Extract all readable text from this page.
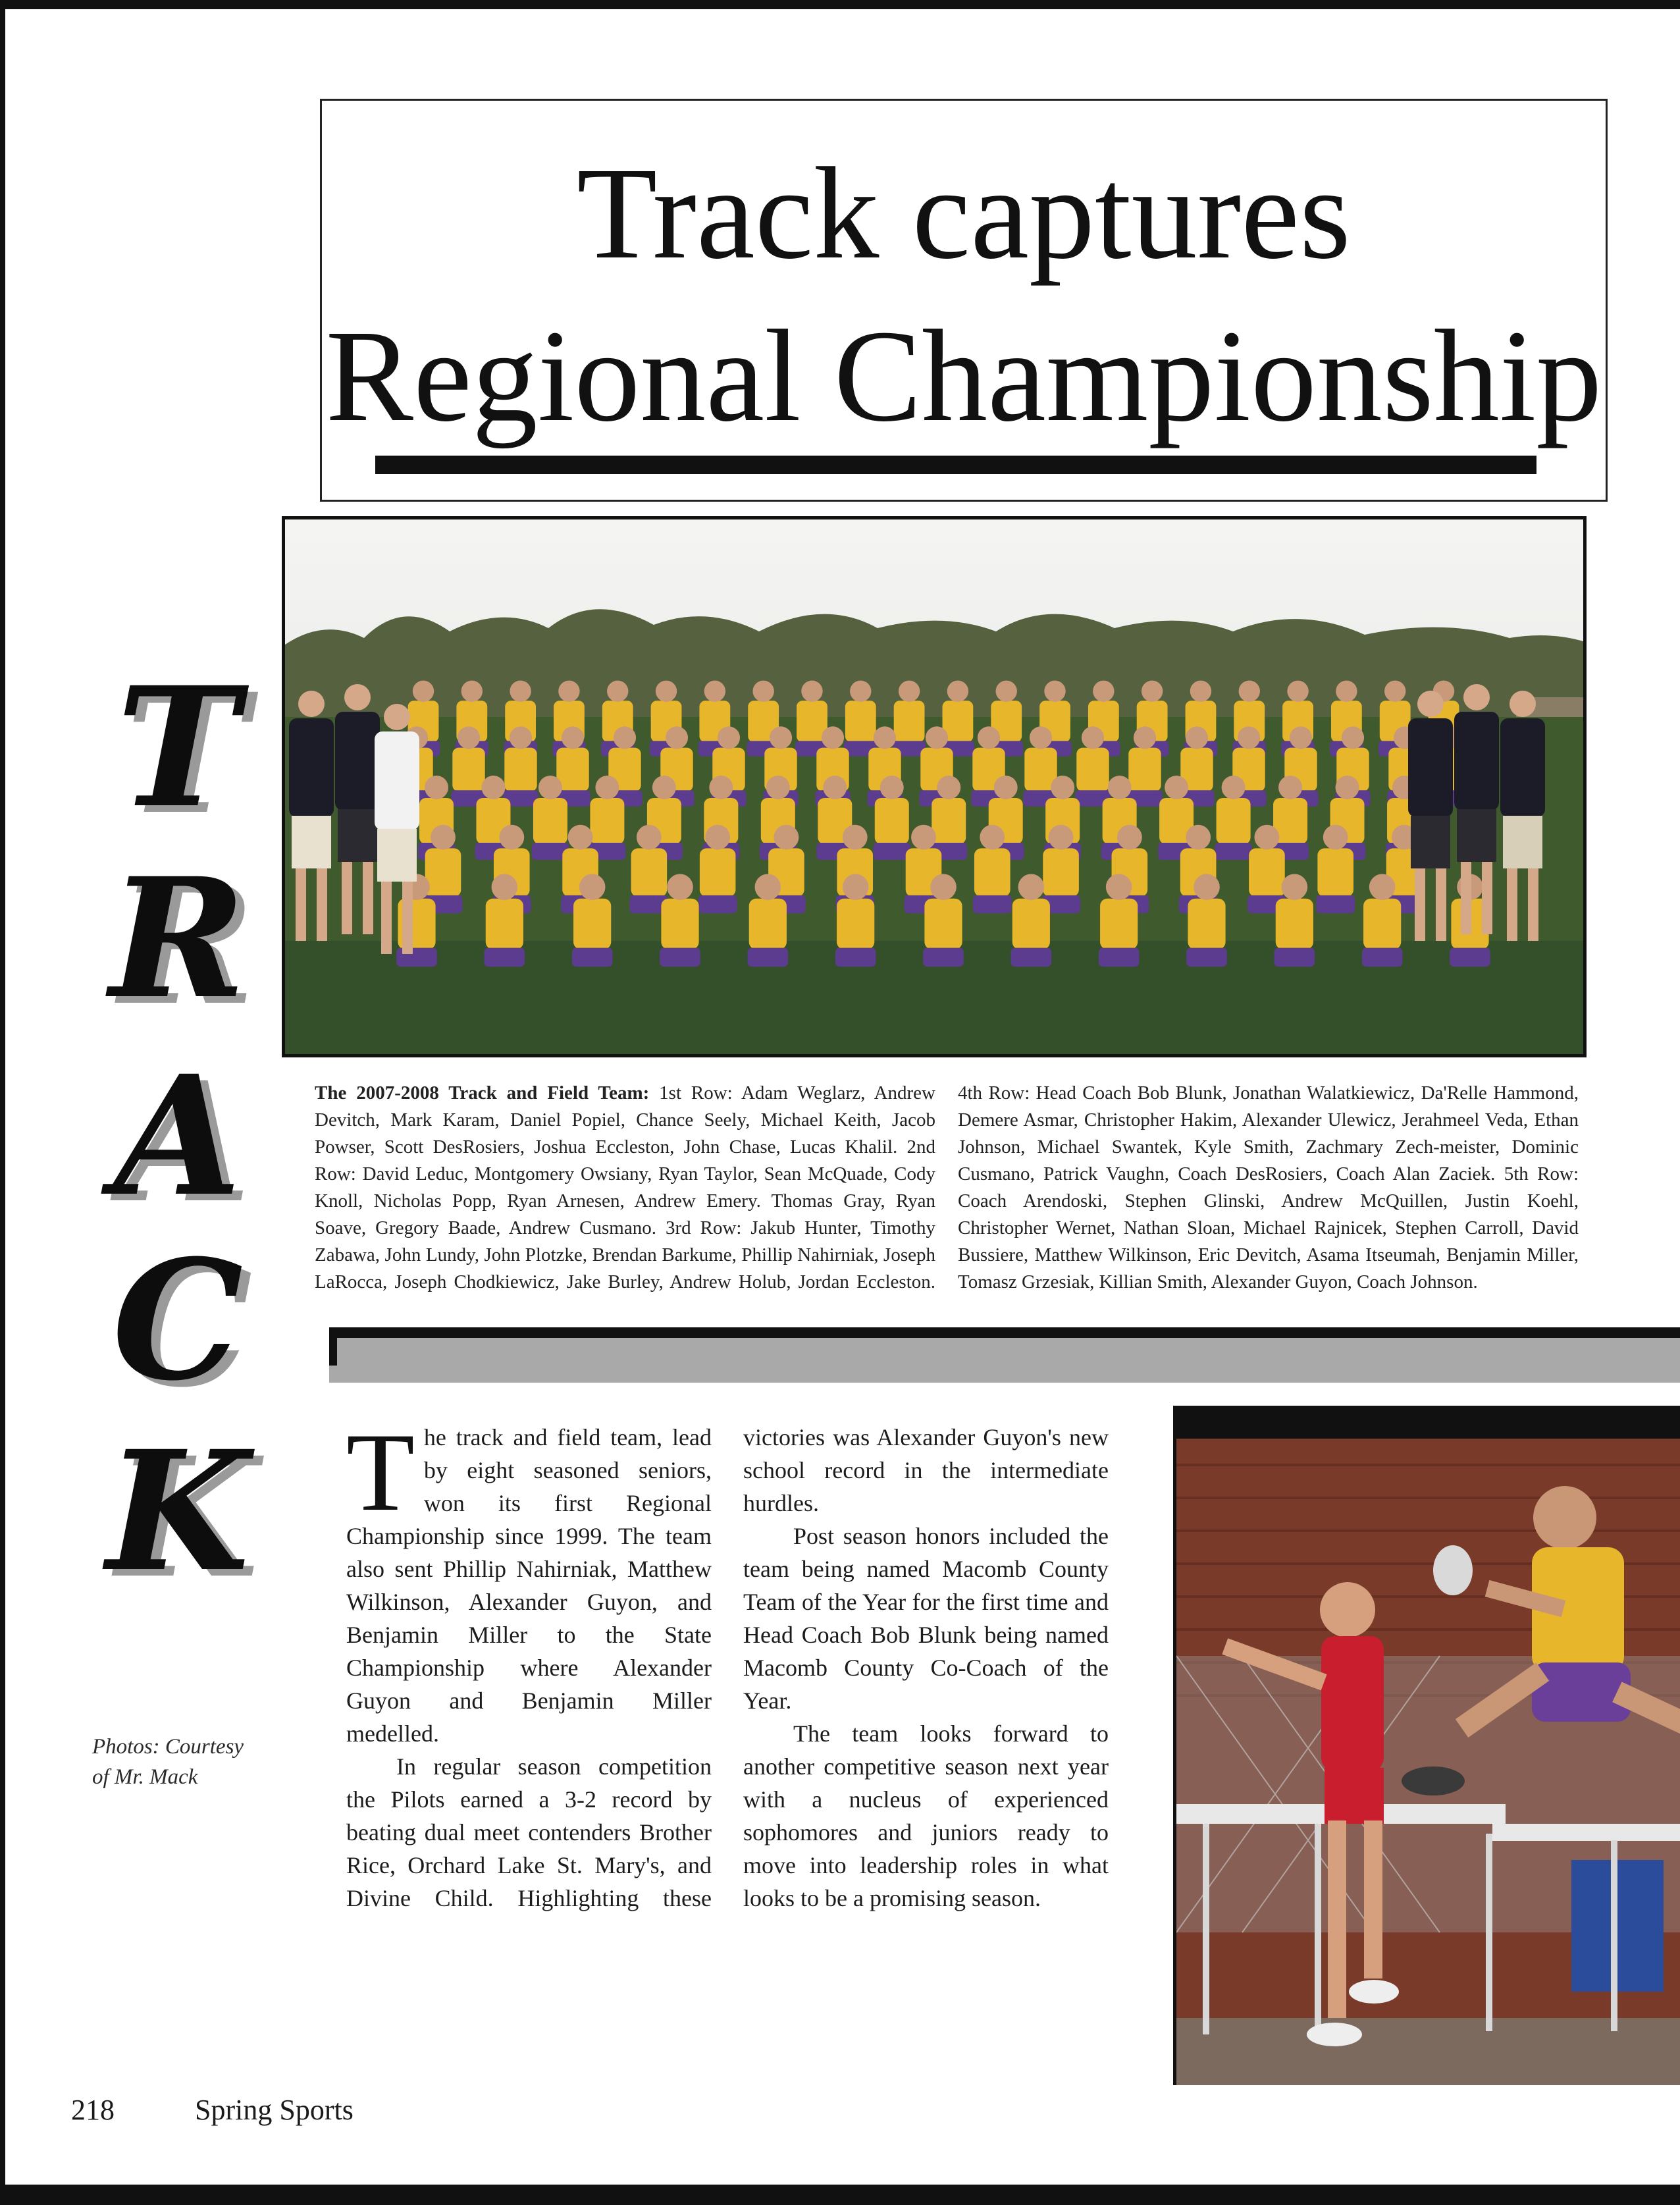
Track captures
Regional Championship
T
R
A
C
K
The 2007-2008 Track and Field Team: 1st Row: Adam Weglarz, Andrew Devitch, Mark Karam, Daniel Popiel, Chance Seely, Michael Keith, Jacob Powser, Scott DesRosiers, Joshua Eccleston, John Chase, Lucas Khalil. 2nd Row: David Leduc, Montgomery Owsiany, Ryan Taylor, Sean McQuade, Cody Knoll, Nicholas Popp, Ryan Arnesen, Andrew Emery. Thomas Gray, Ryan Soave, Gregory Baade, Andrew Cusmano. 3rd Row: Jakub Hunter, Timothy Zabawa, John Lundy, John Plotzke, Brendan Barkume, Phillip Nahirniak, Joseph LaRocca, Joseph Chodkiewicz, Jake Burley, Andrew Holub, Jordan Eccleston. 4th Row: Head Coach Bob Blunk, Jonathan Walatkiewicz, Da'Relle Hammond, Demere Asmar, Christopher Hakim, Alexander Ulewicz, Jerahmeel Veda, Ethan Johnson, Michael Swantek, Kyle Smith, Zachmary Zech-meister, Dominic Cusmano, Patrick Vaughn, Coach DesRosiers, Coach Alan Zaciek. 5th Row: Coach Arendoski, Stephen Glinski, Andrew McQuillen, Justin Koehl, Christopher Wernet, Nathan Sloan, Michael Rajnicek, Stephen Carroll, David Bussiere, Matthew Wilkinson, Eric Devitch, Asama Itseumah, Benjamin Miller, Tomasz Grzesiak, Killian Smith, Alexander Guyon, Coach Johnson.

The track and field team, lead by eight seasoned seniors, won its first Regional Championship since 1999. The team also sent Phillip Nahirniak, Matthew Wilkinson, Alexander Guyon, and Benjamin Miller to the State Championship where Alexander Guyon and Benjamin Miller medelled.

In regular season competition the Pilots earned a 3-2 record by beating dual meet contenders Brother Rice, Orchard Lake St. Mary's, and Divine Child. Highlighting these victories was Alexander Guyon's new school record in the intermediate hurdles.

Post season honors included the team being named Macomb County Team of the Year for the first time and Head Coach Bob Blunk being named Macomb County Co-Coach of the Year.

The team looks forward to another competitive season next year with a nucleus of experienced sophomores and juniors ready to move into leadership roles in what looks to be a promising season.

Photos: Courtesy
of Mr. Mack
218	Spring Sports
